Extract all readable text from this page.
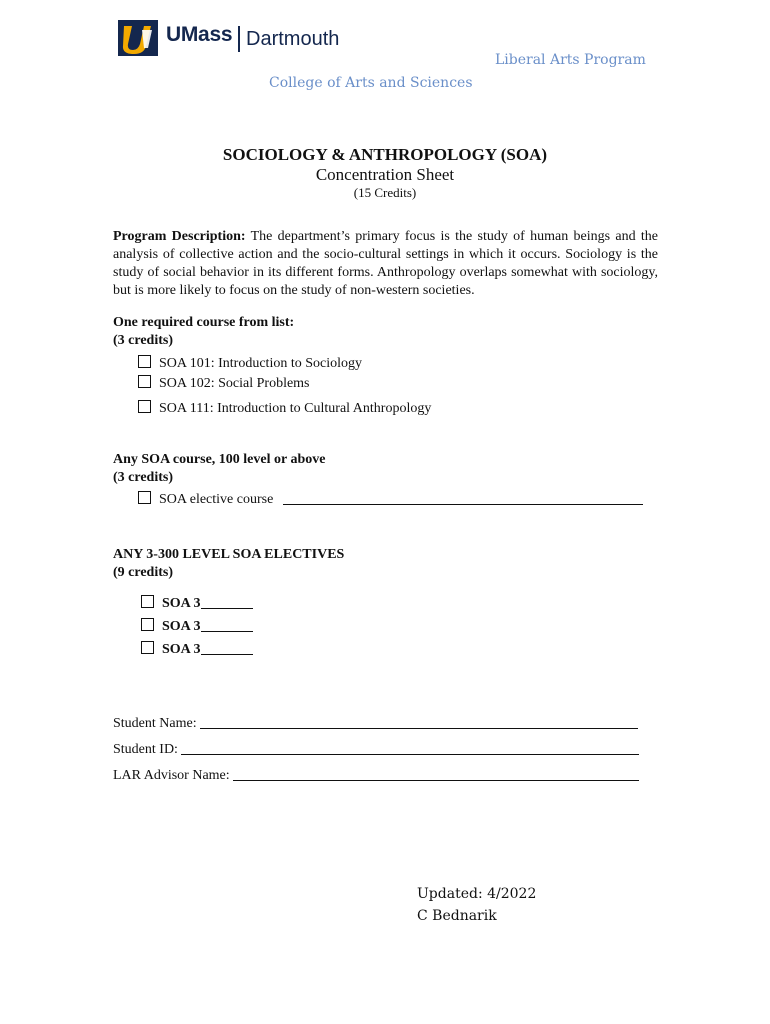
UMass Dartmouth
Liberal Arts Program
College of Arts and Sciences
SOCIOLOGY & ANTHROPOLOGY (SOA)
Concentration Sheet
(15 Credits)
Program Description: The department’s primary focus is the study of human beings and the analysis of collective action and the socio-cultural settings in which it occurs. Sociology is the study of social behavior in its different forms. Anthropology overlaps somewhat with sociology, but is more likely to focus on the study of non-western societies.
One required course from list:
(3 credits)
SOA 101: Introduction to Sociology
SOA 102: Social Problems
SOA 111: Introduction to Cultural Anthropology
Any SOA course, 100 level or above
(3 credits)
SOA elective course
ANY 3-300 LEVEL SOA ELECTIVES
(9 credits)
SOA 3
SOA 3
SOA 3
Student Name:
Student ID:
LAR Advisor Name:
Updated: 4/2022
C Bednarik
